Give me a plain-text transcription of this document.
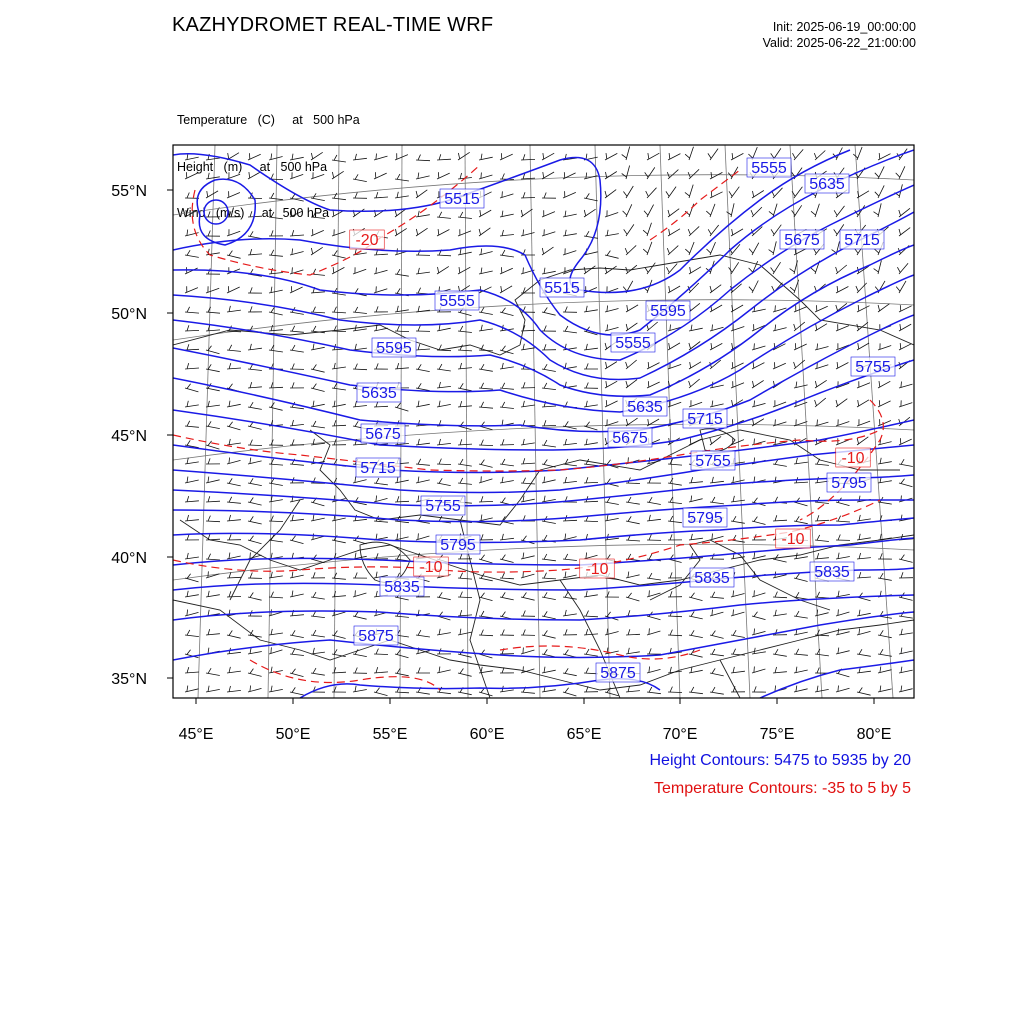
KAZHYDROMET REAL-TIME WRF	Init: 2025-06-19_00:00:00
Valid: 2025-06-22_21:00:00

Temperature   (C)     at   500 hPa

Height   (m)     at   500 hPa

Wind   (m/s)     at   500 hPa

55°N
50°N
45°N
40°N
35°N
45°E	50°E	55°E	60°E	65°E	70°E	75°E	80°E
5515
5515
5555
5555
5595
5595
5635
5635
5635
5675	5675
5675
5715
5715
5715
5755
5755
5755
5795
5795
5795
5835
5835	5835
5875
5875
5555
-20
-10	-10
-10
-10
Height Contours: 5475 to 5935 by 20
Temperature Contours: -35 to 5 by 5
